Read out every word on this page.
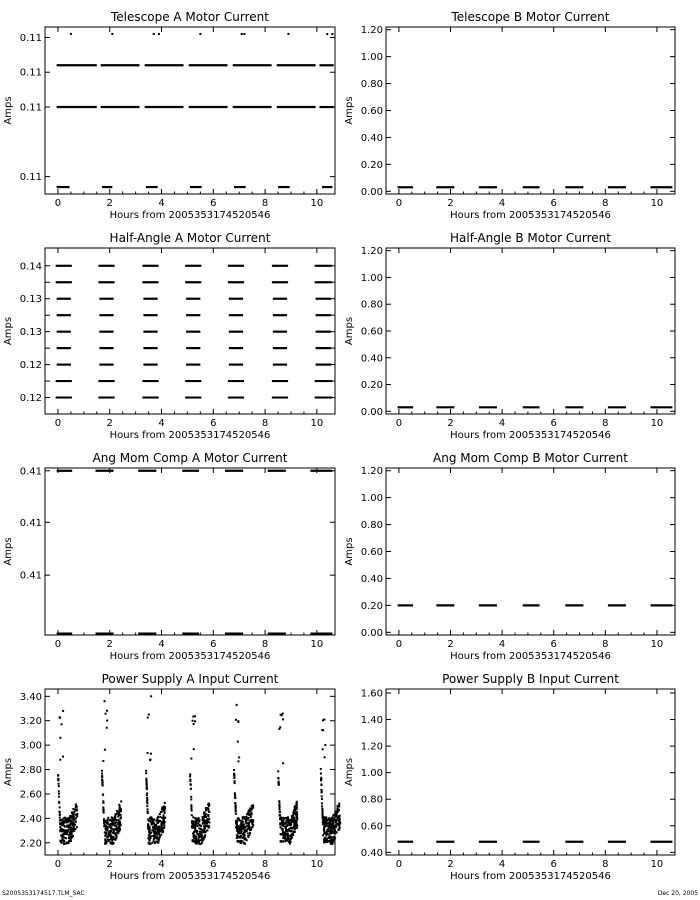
Telescope A Motor Current
Hours from 2005353174520546
Amps
0	2	4	6	8	10
0.11
0.11
0.11
0.11
Telescope B Motor Current
Hours from 2005353174520546
Amps
0	2	4	6	8	10
0.00
0.20
0.40
0.60
0.80
1.00
1.20
Half-Angle A Motor Current
Hours from 2005353174520546
Amps
0	2	4	6	8	10
0.12
0.12
0.13
0.13
0.14
Half-Angle B Motor Current
Hours from 2005353174520546
Amps
0	2	4	6	8	10
0.00
0.20
0.40
0.60
0.80
1.00
1.20
Ang Mom Comp A Motor Current
Hours from 2005353174520546
Amps
0	2	4	6	8	10
0.41
0.41
0.41
Ang Mom Comp B Motor Current
Hours from 2005353174520546
Amps
0	2	4	6	8	10
0.00
0.20
0.40
0.60
0.80
1.00
1.20
Power Supply A Input Current
Hours from 2005353174520546
Amps
0	2	4	6	8	10
2.20
2.40
2.60
2.80
3.00
3.20
3.40
Power Supply B Input Current
Hours from 2005353174520546
Amps
0	2	4	6	8	10
0.40
0.60
0.80
1.00
1.20
1.40
1.60
S2005353174517.TLM_SAC	Dec 20, 2005
